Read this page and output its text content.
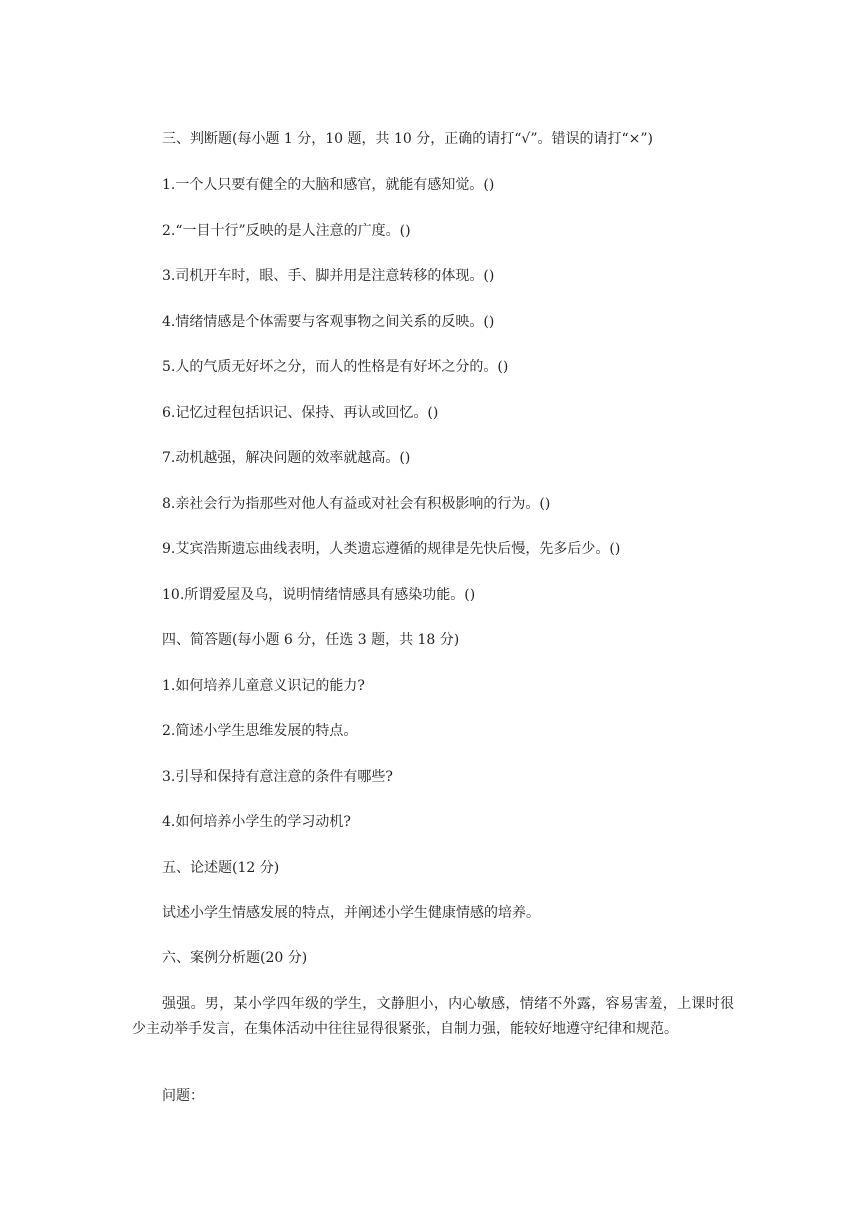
三、判断题(每小题 1 分，10 题，共 10 分，正确的请打“√”。错误的请打“×”)
1.一个人只要有健全的大脑和感官，就能有感知觉。()
2.“一目十行”反映的是人注意的广度。()
3.司机开车时，眼、手、脚并用是注意转移的体现。()
4.情绪情感是个体需要与客观事物之间关系的反映。()
5.人的气质无好坏之分，而人的性格是有好坏之分的。()
6.记忆过程包括识记、保持、再认或回忆。()
7.动机越强，解决问题的效率就越高。()
8.亲社会行为指那些对他人有益或对社会有积极影响的行为。()
9.艾宾浩斯遗忘曲线表明，人类遗忘遵循的规律是先快后慢，先多后少。()
10.所谓爱屋及乌，说明情绪情感具有感染功能。()
四、简答题(每小题 6 分，任选 3 题，共 18 分)
1.如何培养儿童意义识记的能力?
2.简述小学生思维发展的特点。
3.引导和保持有意注意的条件有哪些?
4.如何培养小学生的学习动机?
五、论述题(12 分)
试述小学生情感发展的特点，并阐述小学生健康情感的培养。
六、案例分析题(20 分)
强强。男，某小学四年级的学生，文静胆小，内心敏感，情绪不外露，容易害羞，上课时很少主动举手发言，在集体活动中往往显得很紧张，自制力强，能较好地遵守纪律和规范。
问题：
